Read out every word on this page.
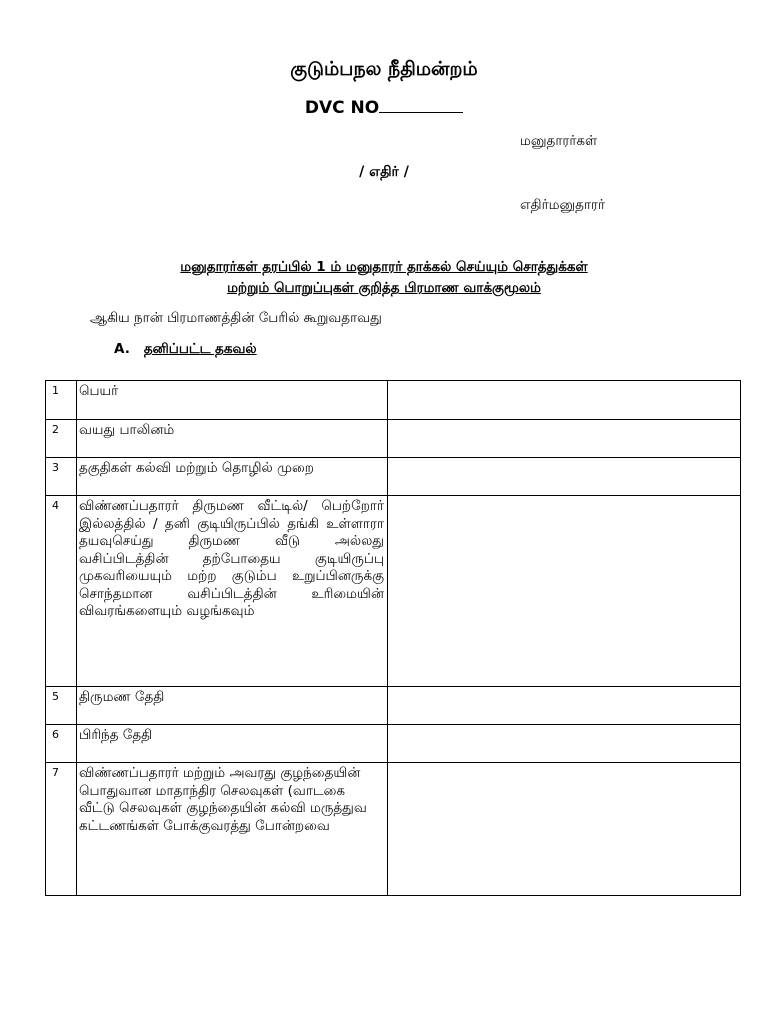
குடும்பநல நீதிமன்றம்
DVC NO
மனுதாரர்கள்
/ எதிர் /
எதிர்மனுதாரர்
மனுதாரர்கள் தரப்பில் 1 ம் மனுதாரர் தாக்கல் செய்யும் சொத்துக்கள்
மற்றும் பொறுப்புகள் குறித்த பிரமாண வாக்குமூலம்
ஆகிய நான் பிரமாணத்தின் பேரில் கூறுவதாவது
A. தனிப்பட்ட தகவல்
1	பெயர்	
2	வயது பாலினம்	
3	தகுதிகள் கல்வி மற்றும் தொழில் முறை	
4	விண்ணப்பதாரர் திருமண வீட்டில்/ பெற்றோர் இல்லத்தில் / தனி குடியிருப்பில் தங்கி உள்ளாரா தயவுசெய்து திருமண வீடு அல்லது வசிப்பிடத்தின் தற்போதைய குடியிருப்பு முகவரியையும் மற்ற குடும்ப உறுப்பினருக்கு சொந்தமான வசிப்பிடத்தின் உரிமையின் விவரங்களையும் வழங்கவும்	
5	திருமண தேதி	
6	பிரிந்த தேதி	
7	விண்ணப்பதாரர் மற்றும் அவரது குழந்தையின் பொதுவான மாதாந்திர செலவுகள் (வாடகை வீட்டு செலவுகள் குழந்தையின் கல்வி மருத்துவ கட்டணங்கள் போக்குவரத்து போன்றவை	
